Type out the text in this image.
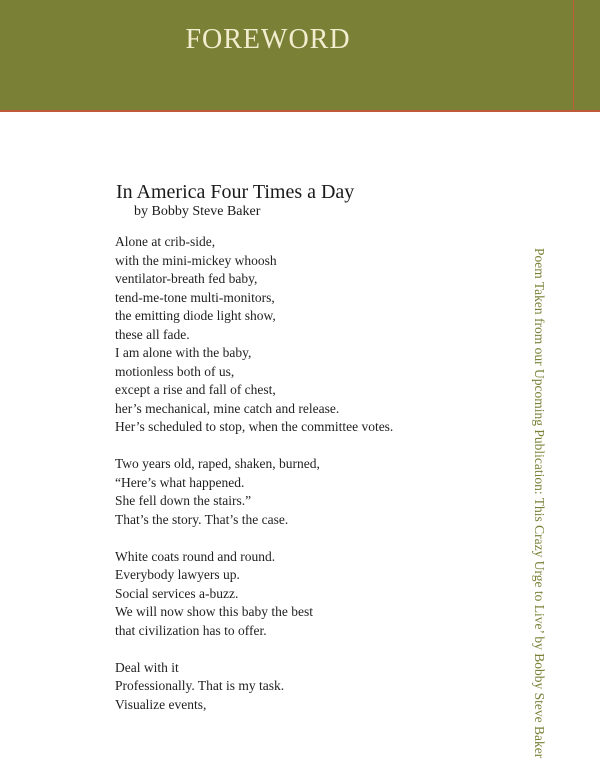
FOREWORD
In America Four Times a Day
by Bobby Steve Baker
Alone at crib-side,
with the mini-mickey whoosh
ventilator-breath fed baby,
tend-me-tone multi-monitors,
the emitting diode light show,
these all fade.
I am alone with the baby,
motionless both of us,
except a rise and fall of chest,
her’s mechanical, mine catch and release.
Her’s scheduled to stop, when the committee votes.
Two years old, raped, shaken, burned,
“Here’s what happened.
She fell down the stairs.”
That’s the story. That’s the case.
White coats round and round.
Everybody lawyers up.
Social services a-buzz.
We will now show this baby the best
that civilization has to offer.
Deal with it
Professionally. That is my task.
Visualize events,	Poem Taken from our Upcoming Publication: This Crazy Urge to Live’ by Bobby Steve Baker
